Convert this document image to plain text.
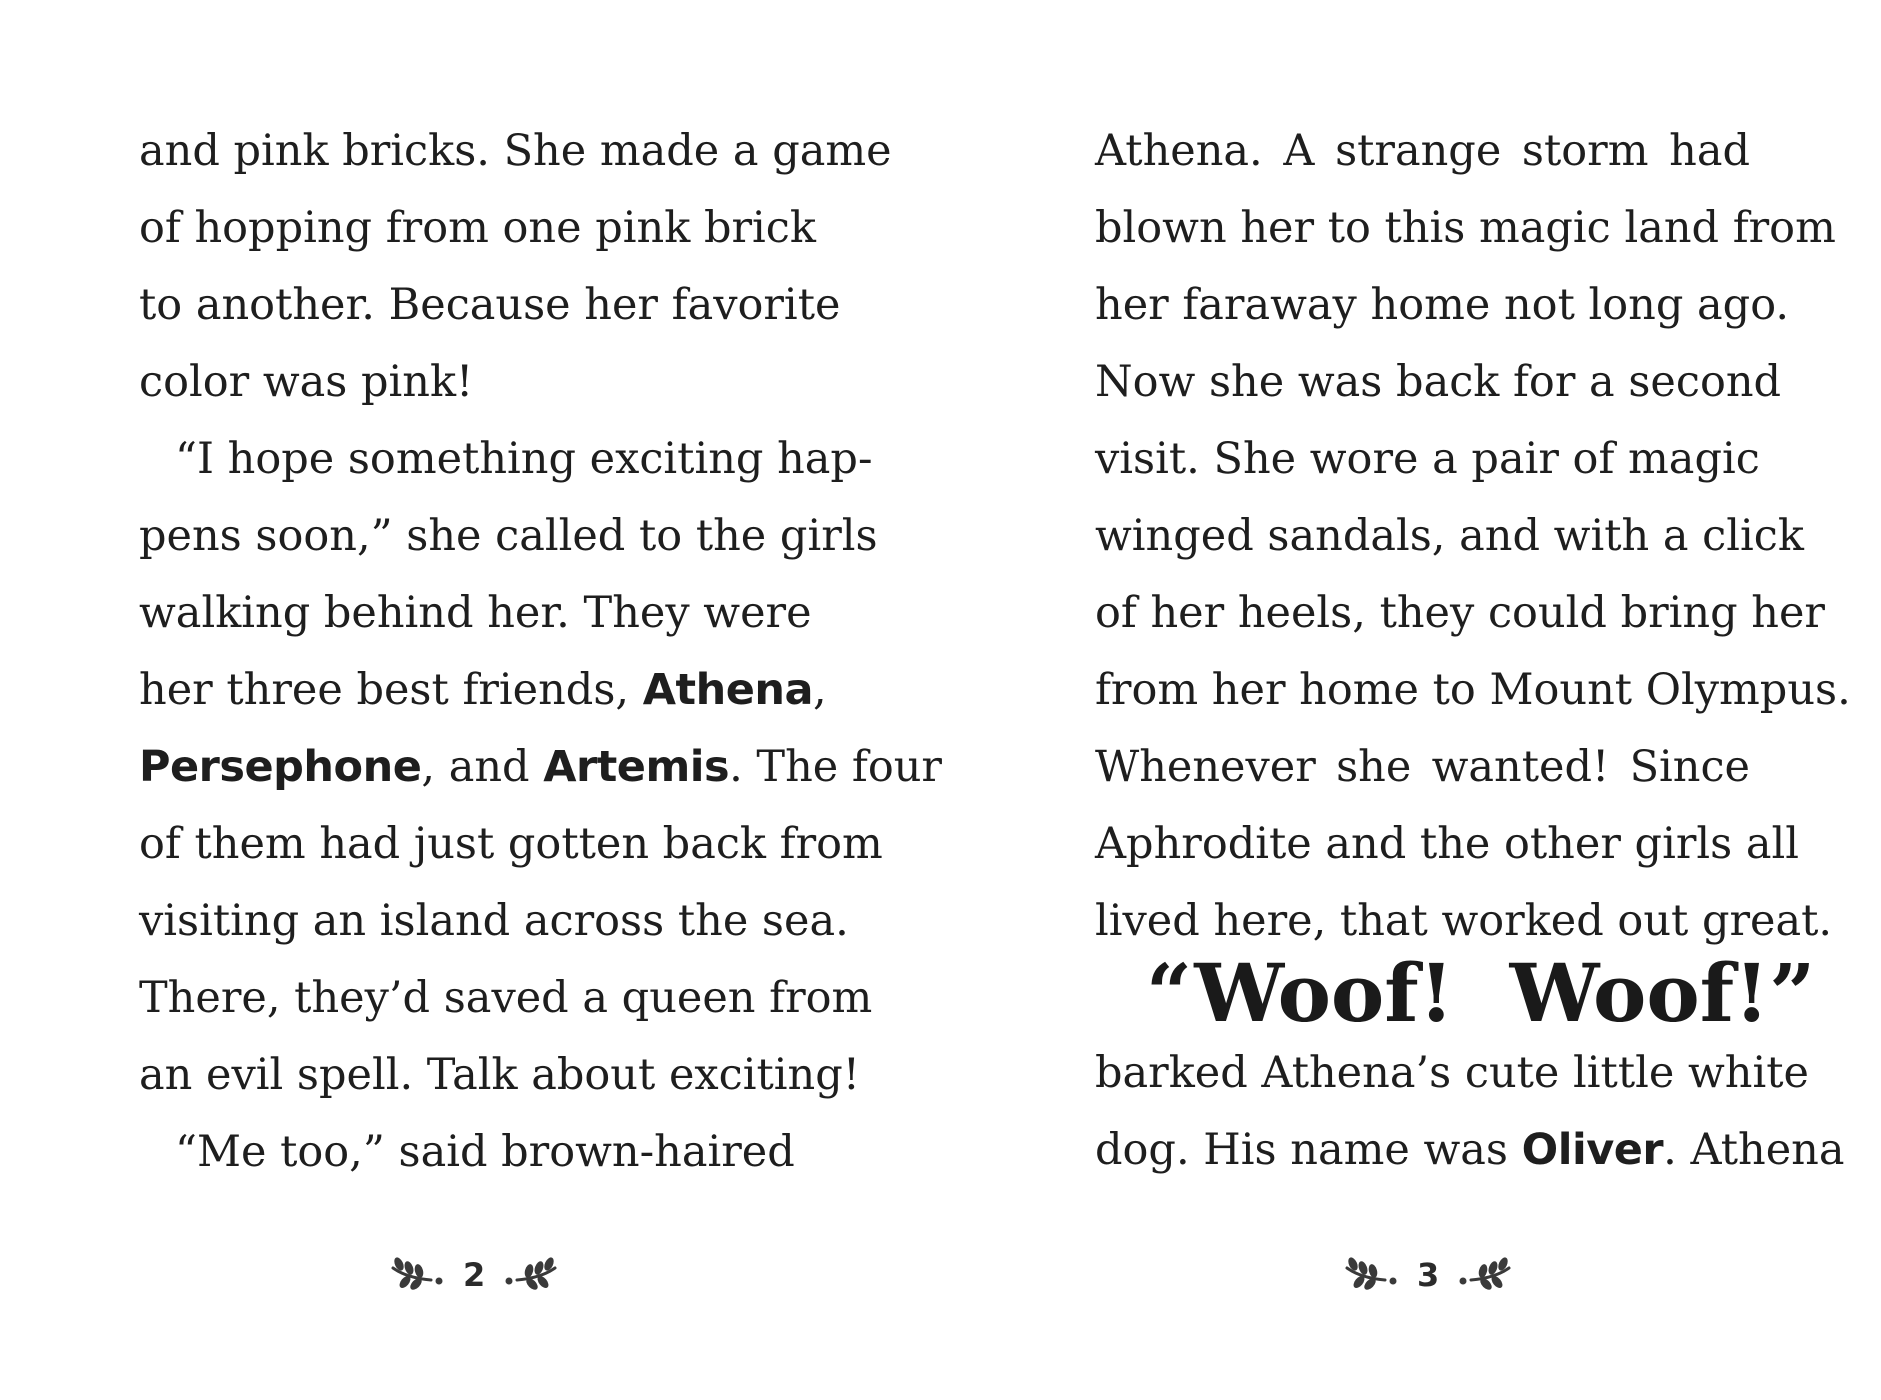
and pink bricks. She made a game
of hopping from one pink brick
to another. Because her favorite
color was pink!
“I hope something exciting hap-
pens soon,” she called to the girls
walking behind her. They were
her three best friends, Athena,
Persephone, and Artemis. The four
of them had just gotten back from
visiting an island across the sea.
There, they’d saved a queen from
an evil spell. Talk about exciting!
“Me too,” said brown-haired
2
Athena. A strange storm had
blown her to this magic land from
her faraway home not long ago.
Now she was back for a second
visit. She wore a pair of magic
winged sandals, and with a click
of her heels, they could bring her
from her home to Mount Olympus.
Whenever she wanted! Since
Aphrodite and the other girls all
lived here, that worked out great.
“Woof! Woof!”
barked Athena’s cute little white
dog. His name was Oliver. Athena
3
